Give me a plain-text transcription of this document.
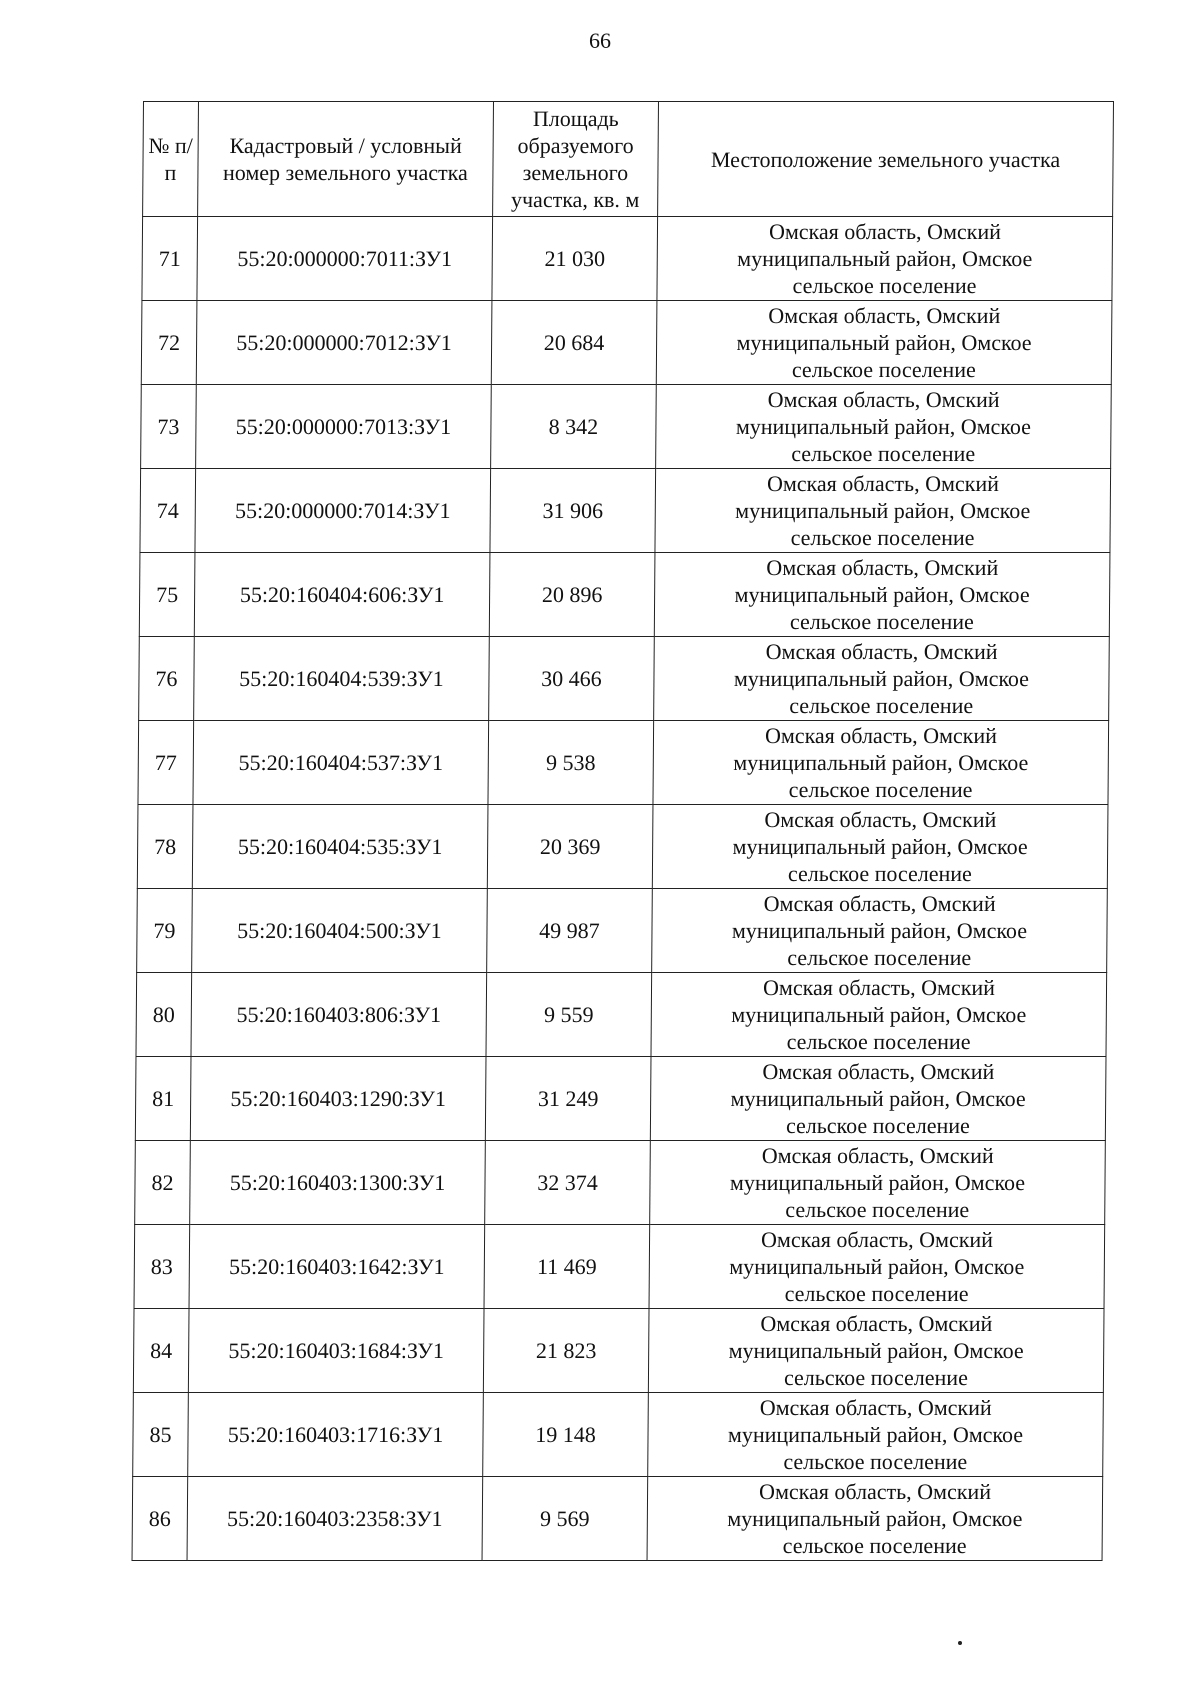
66
№ п/п	Кадастровый / условный номер земельного участка	Площадь образуемого земельного участка, кв. м	Местоположение земельного участка
71	55:20:000000:7011:ЗУ1	21 030	Омская область, Омский
муниципальный район, Омское
сельское поселение

72	55:20:000000:7012:ЗУ1	20 684	Омская область, Омский
муниципальный район, Омское
сельское поселение

73	55:20:000000:7013:ЗУ1	8 342	Омская область, Омский
муниципальный район, Омское
сельское поселение

74	55:20:000000:7014:ЗУ1	31 906	Омская область, Омский
муниципальный район, Омское
сельское поселение

75	55:20:160404:606:ЗУ1	20 896	Омская область, Омский
муниципальный район, Омское
сельское поселение

76	55:20:160404:539:ЗУ1	30 466	Омская область, Омский
муниципальный район, Омское
сельское поселение

77	55:20:160404:537:ЗУ1	9 538	Омская область, Омский
муниципальный район, Омское
сельское поселение

78	55:20:160404:535:ЗУ1	20 369	Омская область, Омский
муниципальный район, Омское
сельское поселение

79	55:20:160404:500:ЗУ1	49 987	Омская область, Омский
муниципальный район, Омское
сельское поселение

80	55:20:160403:806:ЗУ1	9 559	Омская область, Омский
муниципальный район, Омское
сельское поселение

81	55:20:160403:1290:ЗУ1	31 249	Омская область, Омский
муниципальный район, Омское
сельское поселение

82	55:20:160403:1300:ЗУ1	32 374	Омская область, Омский
муниципальный район, Омское
сельское поселение

83	55:20:160403:1642:ЗУ1	11 469	Омская область, Омский
муниципальный район, Омское
сельское поселение

84	55:20:160403:1684:ЗУ1	21 823	Омская область, Омский
муниципальный район, Омское
сельское поселение

85	55:20:160403:1716:ЗУ1	19 148	Омская область, Омский
муниципальный район, Омское
сельское поселение

86	55:20:160403:2358:ЗУ1	9 569	Омская область, Омский
муниципальный район, Омское
сельское поселение
